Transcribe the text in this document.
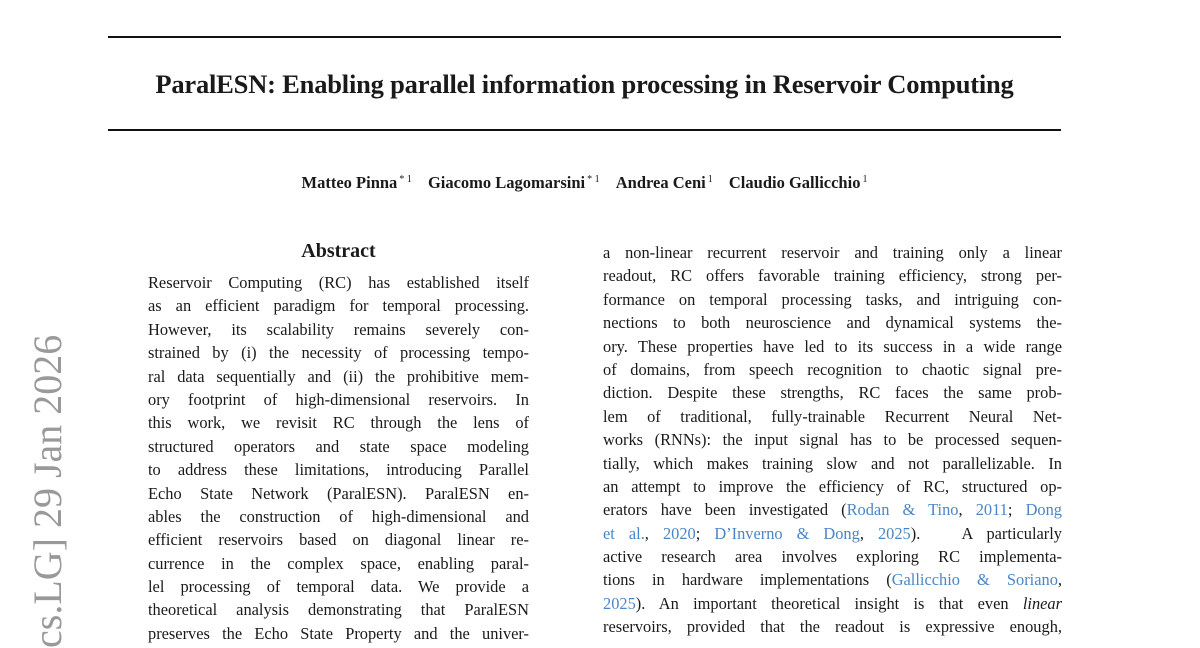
ParalESN: Enabling parallel information processing in Reservoir Computing
Matteo Pinna $^{* 1}$ Giacomo Lagomarsini $^{* 1}$ Andrea Ceni $^1$ Claudio Gallicchio $^1$
cs.LG] 29 Jan 2026
Abstract
Reservoir Computing (RC) has established itself
as an efficient paradigm for temporal processing.
However, its scalability remains severely con-
strained by (i) the necessity of processing tempo-
ral data sequentially and (ii) the prohibitive mem-
ory footprint of high-dimensional reservoirs. In
this work, we revisit RC through the lens of
structured operators and state space modeling
to address these limitations, introducing Parallel
Echo State Network (ParalESN). ParalESN en-
ables the construction of high-dimensional and
efficient reservoirs based on diagonal linear re-
currence in the complex space, enabling paral-
lel processing of temporal data. We provide a
theoretical analysis demonstrating that ParalESN
preserves the Echo State Property and the univer-
a non-linear recurrent reservoir and training only a linear
readout, RC offers favorable training efficiency, strong per-
formance on temporal processing tasks, and intriguing con-
nections to both neuroscience and dynamical systems the-
ory. These properties have led to its success in a wide range
of domains, from speech recognition to chaotic signal pre-
diction. Despite these strengths, RC faces the same prob-
lem of traditional, fully-trainable Recurrent Neural Net-
works (RNNs): the input signal has to be processed sequen-
tially, which makes training slow and not parallelizable. In
an attempt to improve the efficiency of RC, structured op-
erators have been investigated (Rodan & Tino, 2011; Dong
et al., 2020; D’Inverno & Dong, 2025).   A particularly
active research area involves exploring RC implementa-
tions in hardware implementations (Gallicchio & Soriano,
2025). An important theoretical insight is that even linear
reservoirs, provided that the readout is expressive enough,
